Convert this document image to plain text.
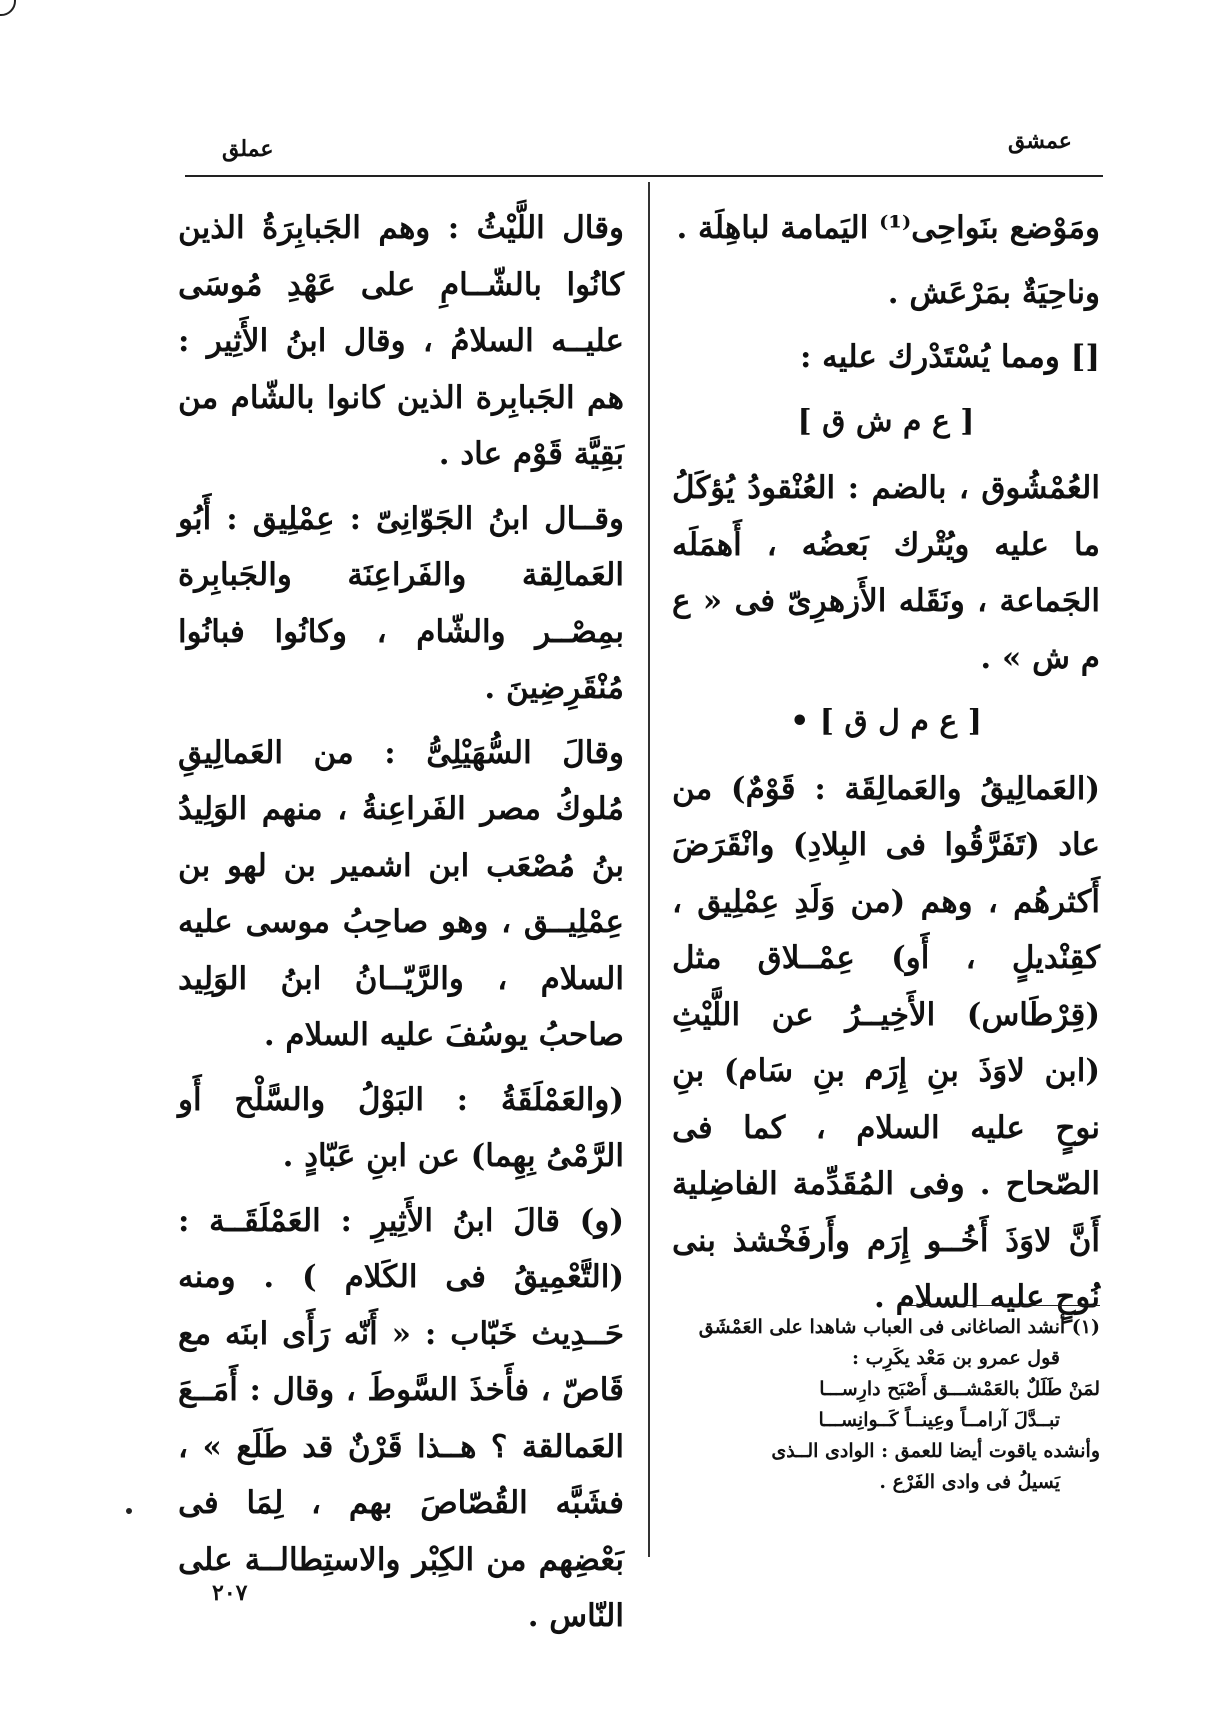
عملق	عمشق

ومَوْضع بنَواحِى⁽¹⁾ اليَمامة لباهِلَة .

وناحِيَةٌ بمَرْعَش .

[] ومما يُسْتَدْرك عليه :

[ ع م ش ق ]

العُمْشُوق ، بالضم : العُنْقودُ يُؤكَلُ ما عليه ويُتْرك بَعضُه ، أَهمَلَه الجَماعة ، ونَقَله الأَزهرِىّ فى « ع م ش » .

[ ع م ل ق ] •

(العَمالِيقُ والعَمالِقَة : قَوْمٌ) من عاد (تَفَرَّقُوا فى البِلادِ) وانْقَرَضَ أَكثرهُم ، وهم (من وَلَدِ عِمْلِيق ، كقِنْديلٍ ، أَو) عِمْــلاق مثل (قِرْطَاس) الأَخِيــرُ عن اللَّيْثِ (ابن لاوَذَ بنِ إِرَم بنِ سَام) بنِ نوحٍ عليه السلام ، كما فى الصّحاح . وفى المُقَدِّمة الفاضِلية أَنَّ لاوَذَ أَخُــو إِرَم وأَرفَخْشذ بنى نُوحٍ عليه السلام .

وقال اللَّيْثُ : وهم الجَبابِرَةُ الذين كانُوا بالشّــامِ على عَهْدِ مُوسَى عليــه السلامُ ، وقال ابنُ الأَثِير : هم الجَبابِرة الذين كانوا بالشّام من بَقِيَّة قَوْم عاد .

وقــال ابنُ الجَوّانِىّ : عِمْلِيق : أَبُو العَمالِقة والفَراعِنَة والجَبابِرة بمِصْــر والشّام ، وكانُوا فبانُوا مُنْقَرِضِينَ .

وقالَ السُّهَيْلِىُّ : من العَمالِيقِ مُلوكُ مصر الفَراعِنةُ ، منهم الوَلِيدُ بنُ مُصْعَب ابن اشمير بن لهو بن عِمْلِيــق ، وهو صاحِبُ موسى عليه السلام ، والرَّيّــانُ ابنُ الوَلِيد صاحبُ يوسُفَ عليه السلام .

(والعَمْلَقَةُ : البَوْلُ والسَّلْح أَو الرَّمْىُ بِهِما) عن ابنِ عَبّادٍ .

(و) قالَ ابنُ الأَثِيرِ : العَمْلَقَــة : (التَّعْمِيقُ فى الكَلام ) . ومنه حَــدِيث خَبّاب : « أَنّه رَأَى ابنَه مع قَاصّ ، فأَخذَ السَّوطَ ، وقال : أَمَــعَ العَمالقة ؟ هــذا قَرْنٌ قد طَلَع » ، فشَبَّه القُصّاصَ بهم ، لِمَا فى بَعْضِهم من الكِبْر والاستِطالــة على النّاس .

(١) أنشد الصاغانى فى العباب شاهدا على العَمْشَق
قول عمرو بن مَعْد يكَرِب :
لمَنْ طَلَلٌ بالعَمْشـــق أَصْبَح دارِســـا
تبــدَّلَ آرامــاً وعِينــاً كَــوانِســـا
وأنشده ياقوت أيضا للعمق : الوادى الــذى
يَسيلُ فى وادى الفَرْع .
٢٠٧
